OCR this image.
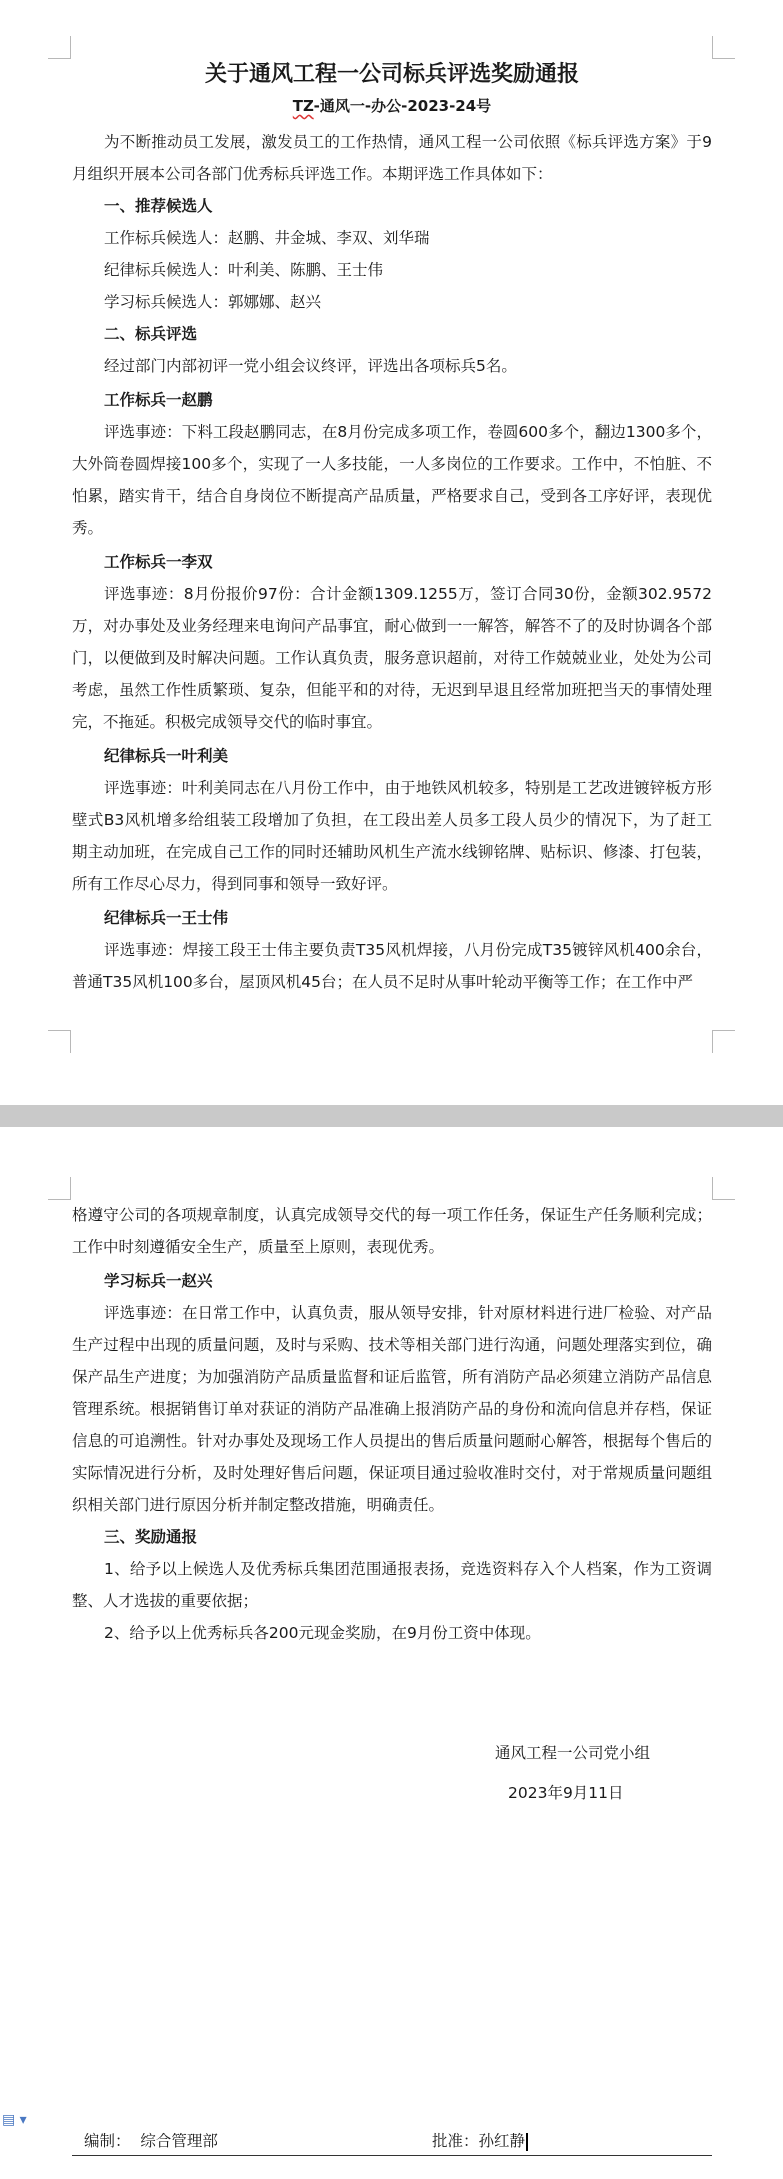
关于通风工程一公司标兵评选奖励通报
TZ-通风一-办公-2023-24号

为不断推动员工发展，激发员工的工作热情，通风工程一公司依照《标兵评选方案》于9月组织开展本公司各部门优秀标兵评选工作。本期评选工作具体如下：

一、推荐候选人

工作标兵候选人：赵鹏、井金城、李双、刘华瑞

纪律标兵候选人：叶利美、陈鹏、王士伟

学习标兵候选人：郭娜娜、赵兴

二、标兵评选

经过部门内部初评一党小组会议终评，评选出各项标兵5名。

工作标兵一赵鹏

评选事迹：下料工段赵鹏同志，在8月份完成多项工作，卷圆600多个，翻边1300多个，大外筒卷圆焊接100多个，实现了一人多技能，一人多岗位的工作要求。工作中，不怕脏、不怕累，踏实肯干，结合自身岗位不断提高产品质量，严格要求自己，受到各工序好评，表现优秀。

工作标兵一李双

评选事迹：8月份报价97份：合计金额1309.1255万，签订合同30份，金额302.9572万，对办事处及业务经理来电询问产品事宜，耐心做到一一解答，解答不了的及时协调各个部门，以便做到及时解决问题。工作认真负责，服务意识超前，对待工作兢兢业业，处处为公司考虑，虽然工作性质繁琐、复杂，但能平和的对待，无迟到早退且经常加班把当天的事情处理完，不拖延。积极完成领导交代的临时事宜。

纪律标兵一叶利美

评选事迹：叶利美同志在八月份工作中，由于地铁风机较多，特别是工艺改进镀锌板方形壁式B3风机增多给组装工段增加了负担，在工段出差人员多工段人员少的情况下，为了赶工期主动加班，在完成自己工作的同时还辅助风机生产流水线铆铭牌、贴标识、修漆、打包装，所有工作尽心尽力，得到同事和领导一致好评。

纪律标兵一王士伟

评选事迹：焊接工段王士伟主要负责T35风机焊接，八月份完成T35镀锌风机400余台，普通T35风机100多台，屋顶风机45台；在人员不足时从事叶轮动平衡等工作；在工作中严

格遵守公司的各项规章制度，认真完成领导交代的每一项工作任务，保证生产任务顺利完成；工作中时刻遵循安全生产，质量至上原则，表现优秀。

学习标兵一赵兴

评选事迹：在日常工作中，认真负责，服从领导安排，针对原材料进行进厂检验、对产品生产过程中出现的质量问题，及时与采购、技术等相关部门进行沟通，问题处理落实到位，确保产品生产进度；为加强消防产品质量监督和证后监管，所有消防产品必须建立消防产品信息管理系统。根据销售订单对获证的消防产品准确上报消防产品的身份和流向信息并存档，保证信息的可追溯性。针对办事处及现场工作人员提出的售后质量问题耐心解答，根据每个售后的实际情况进行分析，及时处理好售后问题，保证项目通过验收准时交付，对于常规质量问题组织相关部门进行原因分析并制定整改措施，明确责任。

三、奖励通报

1、给予以上候选人及优秀标兵集团范围通报表扬，竞选资料存入个人档案，作为工资调整、人才选拔的重要依据；

2、给予以上优秀标兵各200元现金奖励，在9月份工资中体现。

通风工程一公司党小组
2023年9月11日
▤ ▾
编制： 综合管理部	批准：孙红静
